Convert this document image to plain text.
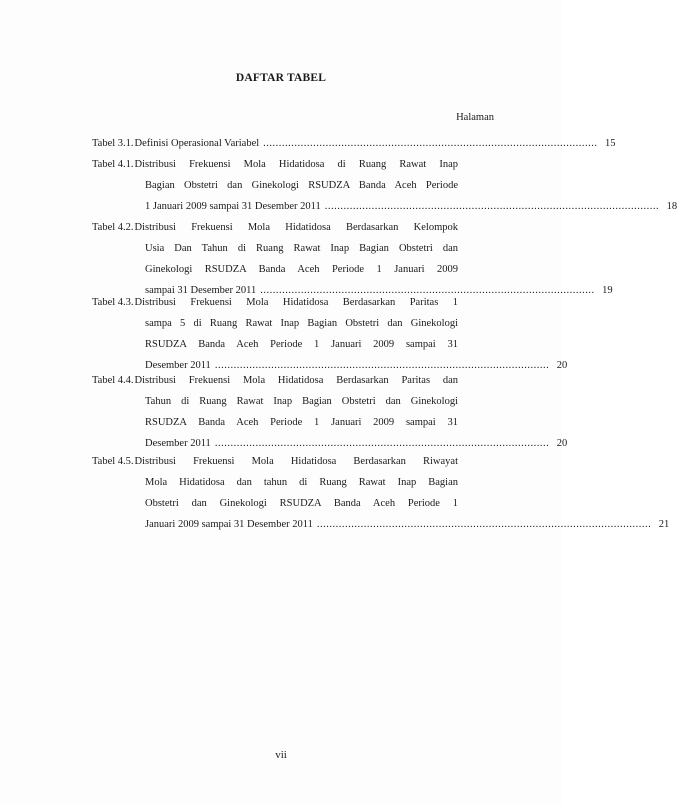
DAFTAR TABEL
Halaman
Tabel 3.1. Definisi Operasional Variabel ........................................................................................................... 15
Tabel 4.1. Distribusi Frekuensi Mola Hidatidosa di Ruang Rawat Inap
Bagian Obstetri dan Ginekologi RSUDZA Banda Aceh Periode
1 Januari 2009 sampai 31 Desember 2011 ........................................................................................................... 18
Tabel 4.2. Distribusi Frekuensi Mola Hidatidosa Berdasarkan Kelompok
Usia Dan Tahun di Ruang Rawat Inap Bagian Obstetri dan
Ginekologi RSUDZA Banda Aceh Periode 1 Januari 2009
sampai 31 Desember 2011 ........................................................................................................... 19
Tabel 4.3. Distribusi Frekuensi Mola Hidatidosa Berdasarkan Paritas 1
sampa 5 di Ruang Rawat Inap Bagian Obstetri dan Ginekologi
RSUDZA Banda Aceh Periode 1 Januari 2009 sampai 31
Desember 2011 ........................................................................................................... 20
Tabel 4.4. Distribusi Frekuensi Mola Hidatidosa Berdasarkan Paritas dan
Tahun di Ruang Rawat Inap Bagian Obstetri dan Ginekologi
RSUDZA Banda Aceh Periode 1 Januari 2009 sampai 31
Desember 2011 ........................................................................................................... 20
Tabel 4.5. Distribusi Frekuensi Mola Hidatidosa Berdasarkan Riwayat
Mola Hidatidosa dan tahun di Ruang Rawat Inap Bagian
Obstetri dan Ginekologi RSUDZA Banda Aceh Periode 1
Januari 2009 sampai 31 Desember 2011 ........................................................................................................... 21
vii
